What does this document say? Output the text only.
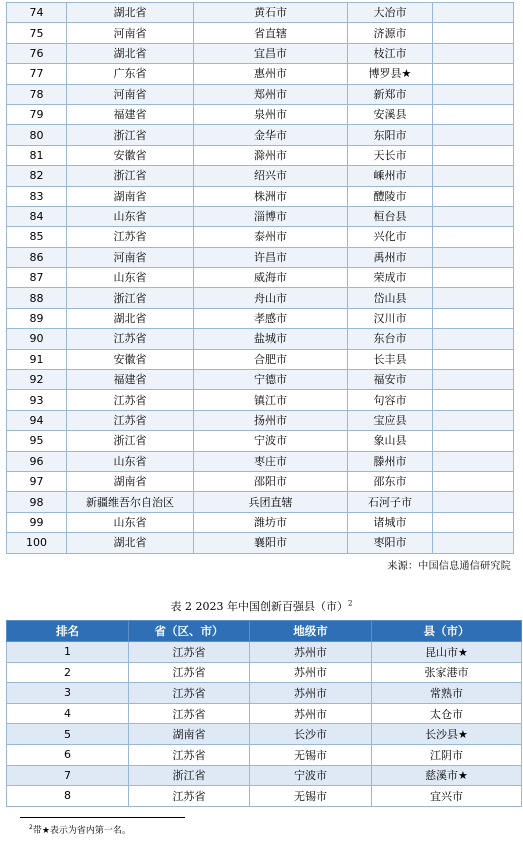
74	湖北省	黄石市	大冶市	
75	河南省	省直辖	济源市	
76	湖北省	宜昌市	枝江市	
77	广东省	惠州市	博罗县★	
78	河南省	郑州市	新郑市	
79	福建省	泉州市	安溪县	
80	浙江省	金华市	东阳市	
81	安徽省	滁州市	天长市	
82	浙江省	绍兴市	嵊州市	
83	湖南省	株洲市	醴陵市	
84	山东省	淄博市	桓台县	
85	江苏省	泰州市	兴化市	
86	河南省	许昌市	禹州市	
87	山东省	威海市	荣成市	
88	浙江省	舟山市	岱山县	
89	湖北省	孝感市	汉川市	
90	江苏省	盐城市	东台市	
91	安徽省	合肥市	长丰县	
92	福建省	宁德市	福安市	
93	江苏省	镇江市	句容市	
94	江苏省	扬州市	宝应县	
95	浙江省	宁波市	象山县	
96	山东省	枣庄市	滕州市	
97	湖南省	邵阳市	邵东市	
98	新疆维吾尔自治区	兵团直辖	石河子市	
99	山东省	潍坊市	诸城市	
100	湖北省	襄阳市	枣阳市	
来源：中国信息通信研究院
表 2 2023 年中国创新百强县（市）$^2$
排名	省（区、市）	地级市	县（市）
1	江苏省	苏州市	昆山市★
2	江苏省	苏州市	张家港市
3	江苏省	苏州市	常熟市
4	江苏省	苏州市	太仓市
5	湖南省	长沙市	长沙县★
6	江苏省	无锡市	江阴市
7	浙江省	宁波市	慈溪市★
8	江苏省	无锡市	宜兴市
$^2$带★表示为省内第一名。
